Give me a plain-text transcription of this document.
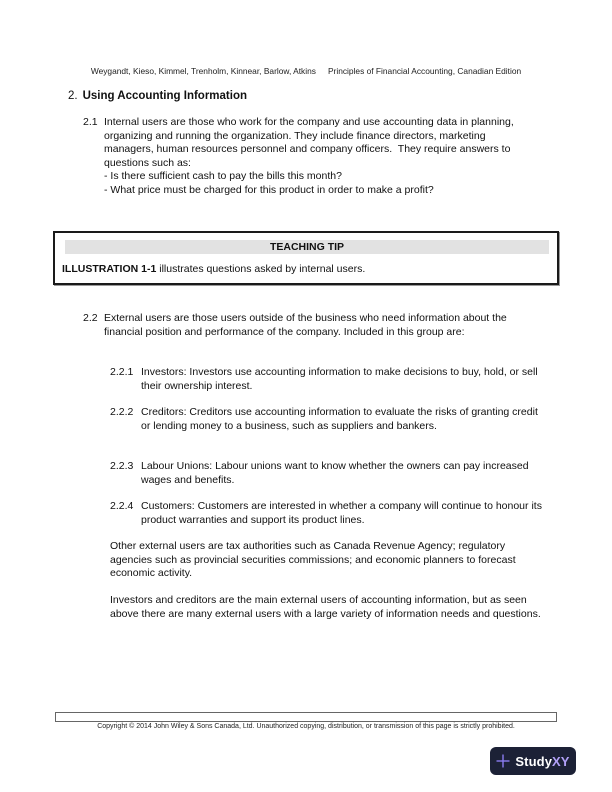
Weygandt, Kieso, Kimmel, Trenholm, Kinnear, Barlow, Atkins Principles of Financial Accounting, Canadian Edition
2. Using Accounting Information
2.1 Internal users are those who work for the company and use accounting data in planning, organizing and running the organization. They include finance directors, marketing managers, human resources personnel and company officers.  They require answers to questions such as:
- Is there sufficient cash to pay the bills this month?
- What price must be charged for this product in order to make a profit?
TEACHING TIP
ILLUSTRATION 1-1 illustrates questions asked by internal users.
2.2 External users are those users outside of the business who need information about the financial position and performance of the company. Included in this group are:
2.2.1 Investors: Investors use accounting information to make decisions to buy, hold, or sell their ownership interest.
2.2.2 Creditors: Creditors use accounting information to evaluate the risks of granting credit or lending money to a business, such as suppliers and bankers.
2.2.3 Labour Unions: Labour unions want to know whether the owners can pay increased wages and benefits.
2.2.4 Customers: Customers are interested in whether a company will continue to honour its product warranties and support its product lines.
Other external users are tax authorities such as Canada Revenue Agency; regulatory agencies such as provincial securities commissions; and economic planners to forecast economic activity.
Investors and creditors are the main external users of accounting information, but as seen above there are many external users with a large variety of information needs and questions.
Copyright © 2014 John Wiley & Sons Canada, Ltd. Unauthorized copying, distribution, or transmission of this page is strictly prohibited.
StudyXY
